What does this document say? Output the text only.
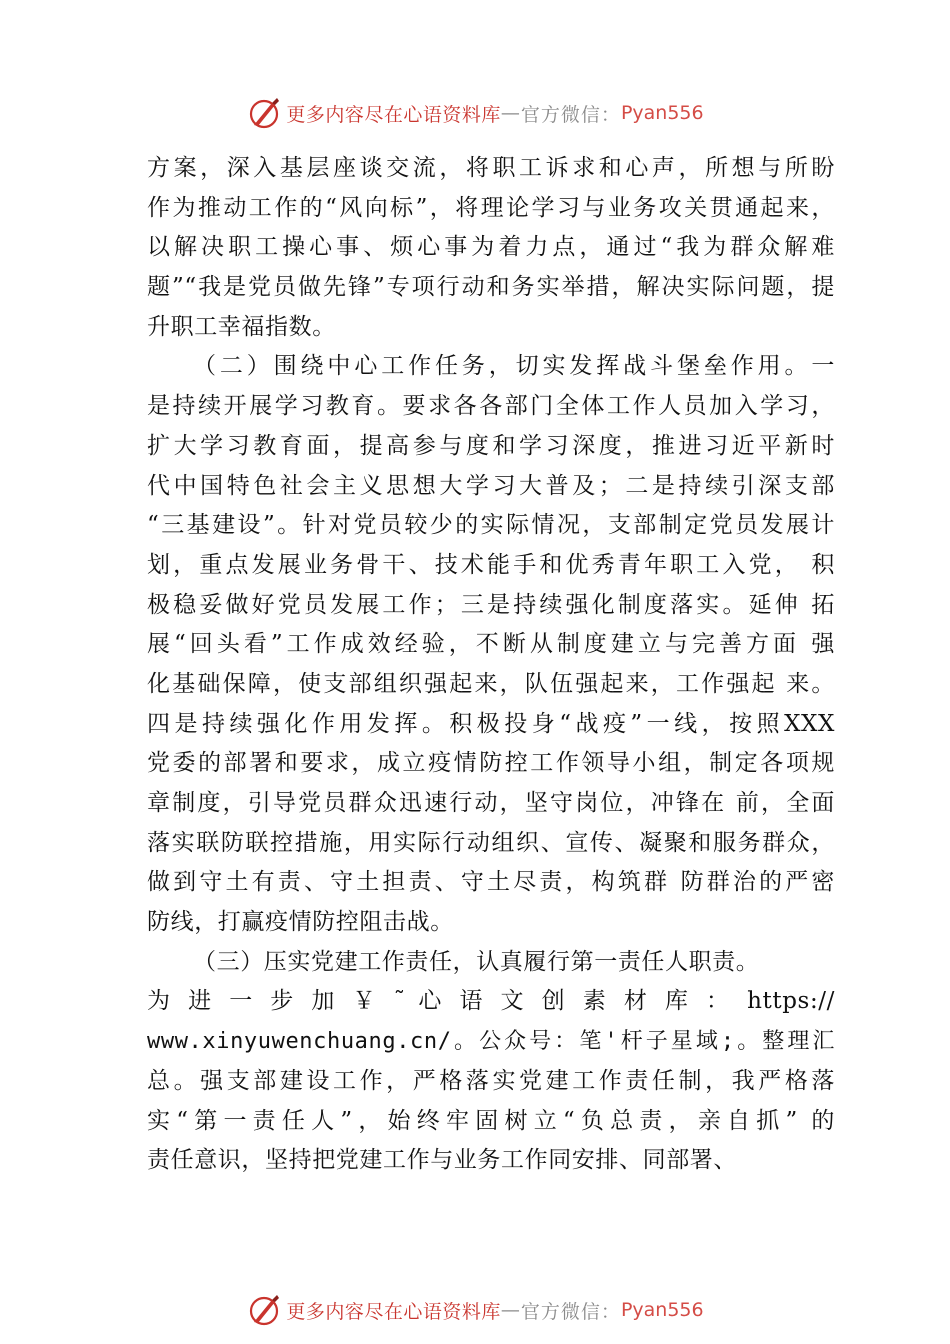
更多内容尽在心语资料库 — 官方微信： Pyan556
方案，深入基层座谈交流，将职工诉求和心声，所想与所盼
作为推动工作的“风向标”，将理论学习与业务攻关贯通起来，
以解决职工操心事、烦心事为着力点，通过“我为群众解难
题”“我是党员做先锋”专项行动和务实举措，解决实际问题，提
升职工幸福指数。
（二）围绕中心工作任务，切实发挥战斗堡垒作用。一
是持续开展学习教育。要求各各部门全体工作人员加入学习，
扩大学习教育面，提高参与度和学习深度，推进习近平新时
代中国特色社会主义思想大学习大普及；二是持续引深支部
“三基建设”。针对党员较少的实际情况，支部制定党员发展计
划，重点发展业务骨干、技术能手和优秀青年职工入党， 积
极稳妥做好党员发展工作；三是持续强化制度落实。延伸 拓
展“回头看”工作成效经验，不断从制度建立与完善方面 强
化基础保障，使支部组织强起来，队伍强起来，工作强起 来。
四是持续强化作用发挥。积极投身“战疫”一线，按照XXX
党委的部署和要求，成立疫情防控工作领导小组，制定各项规
章制度，引导党员群众迅速行动，坚守岗位，冲锋在 前，全面
落实联防联控措施，用实际行动组织、宣传、凝聚和服务群众，
做到守土有责、守土担责、守土尽责，构筑群 防群治的严密
防线，打赢疫情防控阻击战。
（三）压实党建工作责任，认真履行第一责任人职责。
为 进 一 步 加 ￥ ˜ 心 语 文 创 素 材 库 ： https://
www.xinyuwenchuang.cn/。公众号：笔'杆子星域;。整理汇
总。强支部建设工作，严格落实党建工作责任制，我严格落
实“第一责任人”，始终牢固树立“负总责，亲自抓” 的
责任意识，坚持把党建工作与业务工作同安排、同部署、
更多内容尽在心语资料库 — 官方微信： Pyan556
